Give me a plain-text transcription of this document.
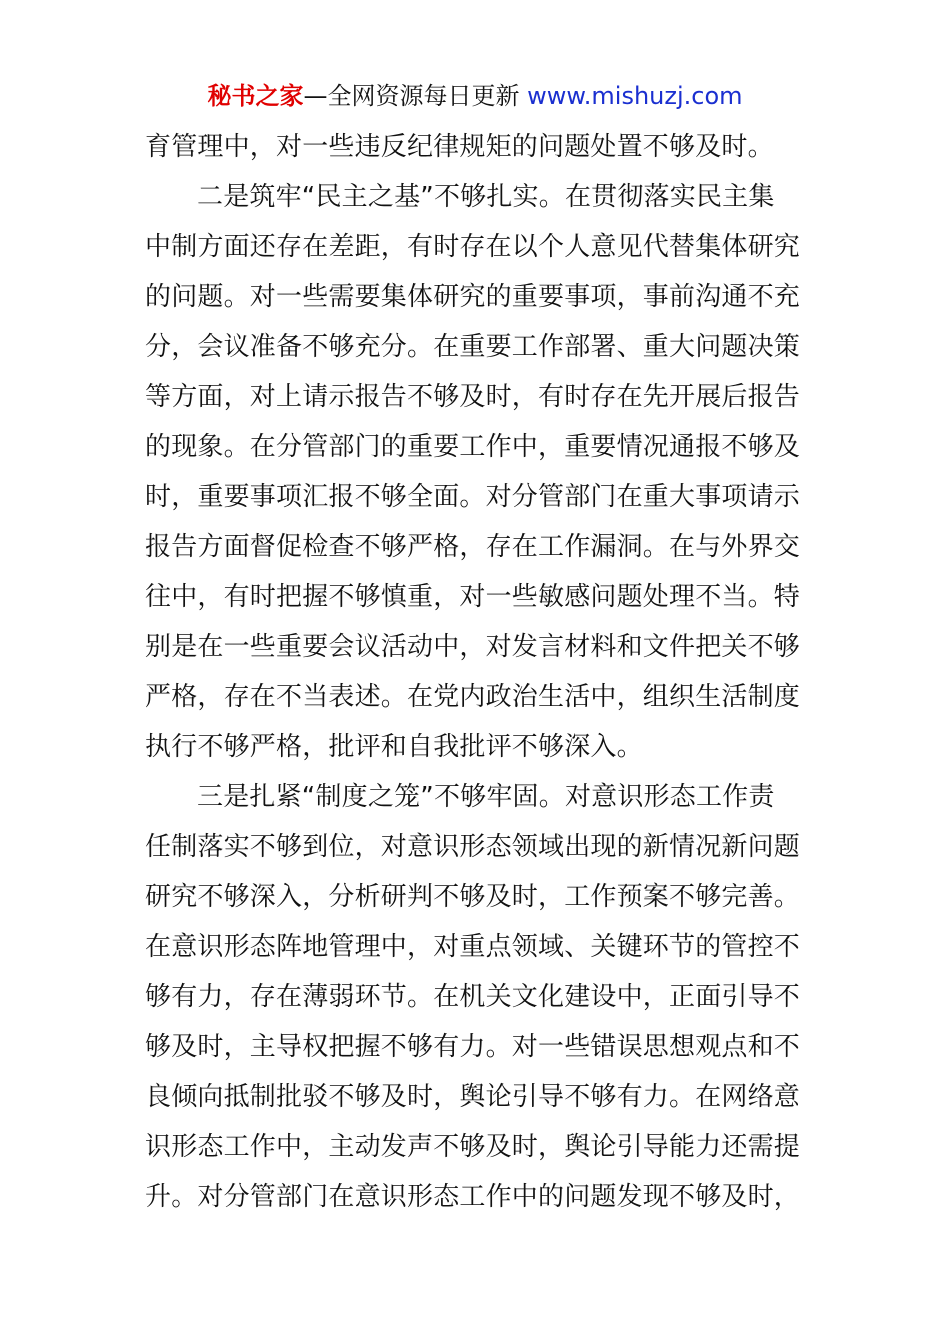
秘书之家—全网资源每日更新 www.mishuzj.com
育管理中，对一些违反纪律规矩的问题处置不够及时。
二是筑牢“民主之基”不够扎实。在贯彻落实民主集
中制方面还存在差距，有时存在以个人意见代替集体研究
的问题。对一些需要集体研究的重要事项，事前沟通不充
分，会议准备不够充分。在重要工作部署、重大问题决策
等方面，对上请示报告不够及时，有时存在先开展后报告
的现象。在分管部门的重要工作中，重要情况通报不够及
时，重要事项汇报不够全面。对分管部门在重大事项请示
报告方面督促检查不够严格，存在工作漏洞。在与外界交
往中，有时把握不够慎重，对一些敏感问题处理不当。特
别是在一些重要会议活动中，对发言材料和文件把关不够
严格，存在不当表述。在党内政治生活中，组织生活制度
执行不够严格，批评和自我批评不够深入。
三是扎紧“制度之笼”不够牢固。对意识形态工作责
任制落实不够到位，对意识形态领域出现的新情况新问题
研究不够深入，分析研判不够及时，工作预案不够完善。
在意识形态阵地管理中，对重点领域、关键环节的管控不
够有力，存在薄弱环节。在机关文化建设中，正面引导不
够及时，主导权把握不够有力。对一些错误思想观点和不
良倾向抵制批驳不够及时，舆论引导不够有力。在网络意
识形态工作中，主动发声不够及时，舆论引导能力还需提
升。对分管部门在意识形态工作中的问题发现不够及时，
